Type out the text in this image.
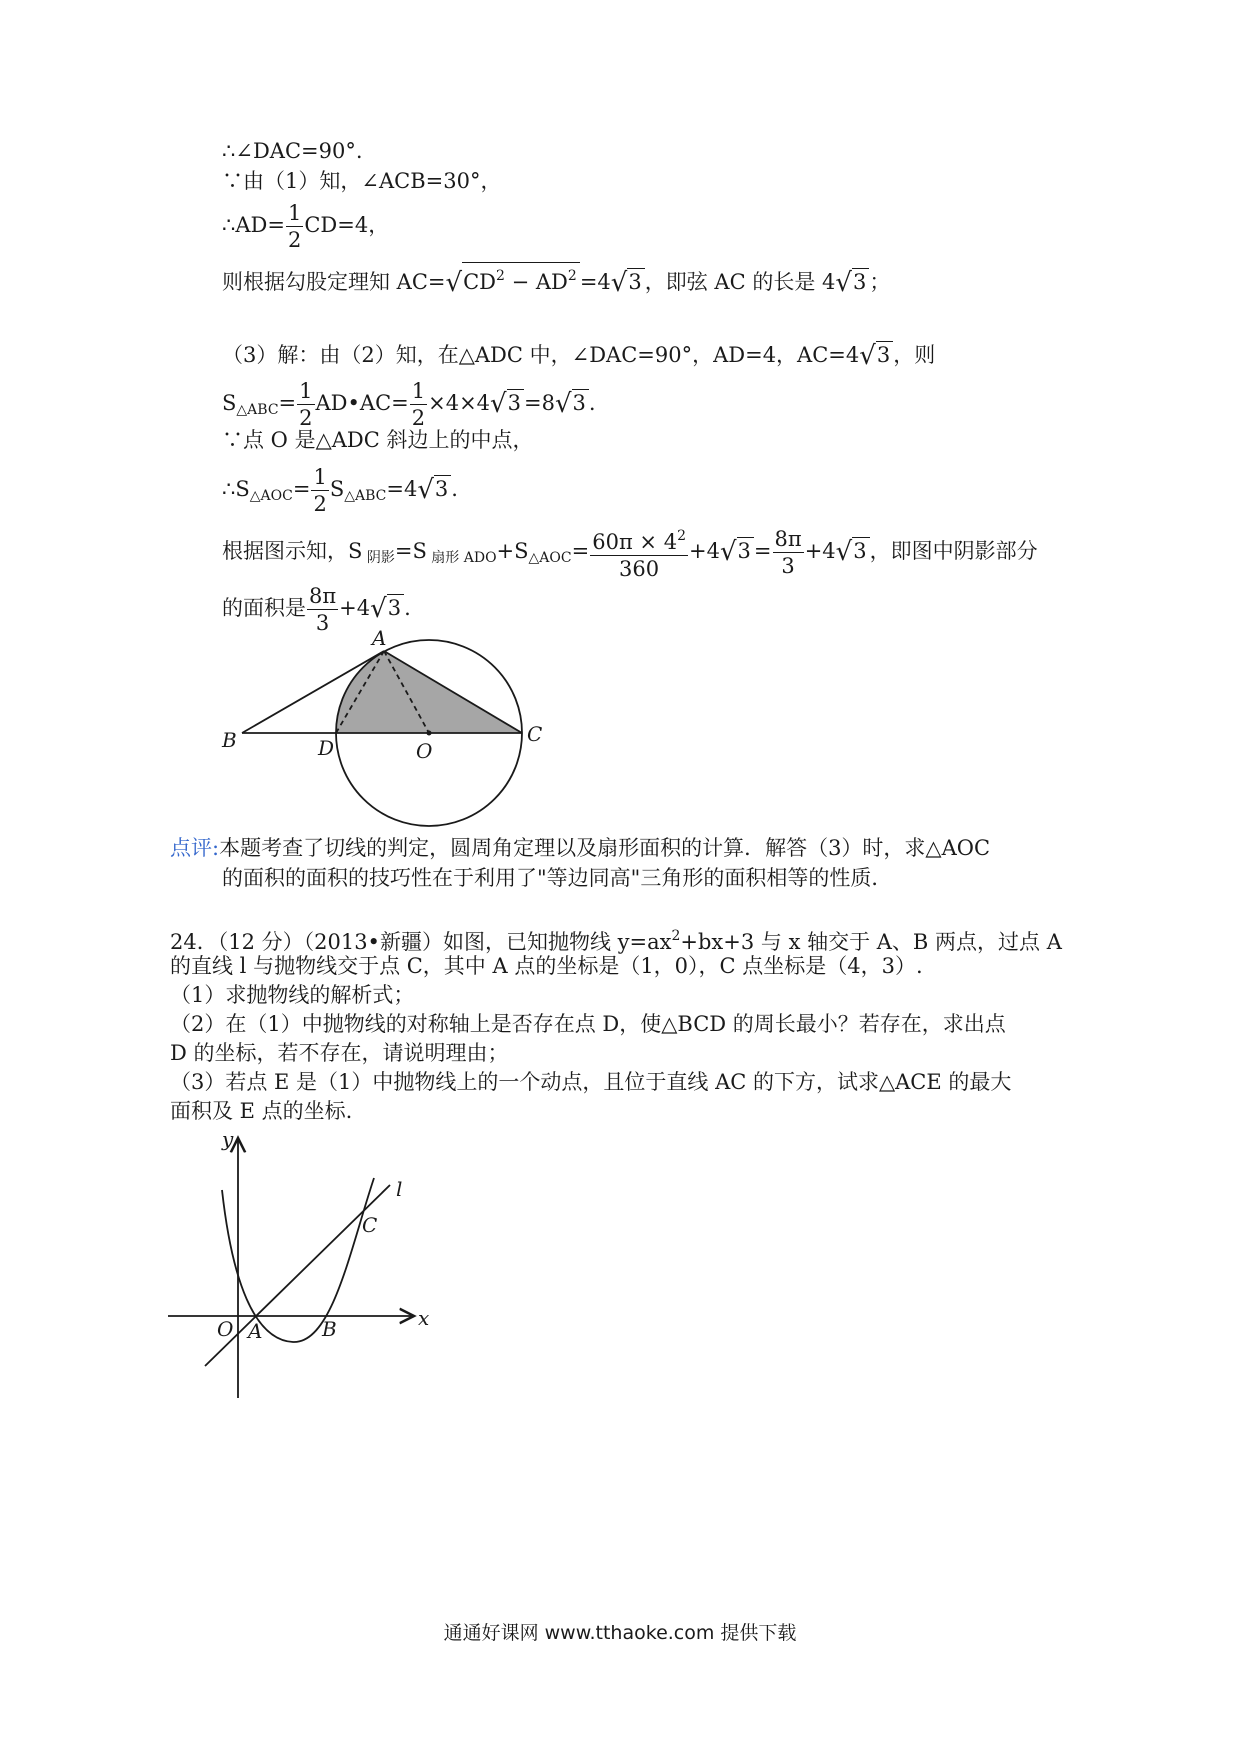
∴∠DAC=90°.
∵由（1）知，∠ACB=30°，
∴AD= $\frac{1}{2} CD=4$，
则根据勾股定理知 $AC=√CD^2 - AD^2 =4√3$ ，即弦 AC 的长是 4√3 ；
（3）解：由（2）知，在△ADC 中，∠DAC=90°，AD=4，AC=4√3 ，则
$S_{\triangle ABC}= \frac{1}{2}$ AD•AC= $\frac{1}{2} \times 4\times 4√3 =8√3$ .
∵点 O 是△ADC 斜边上的中点，
$\therefore S_{\triangle AOC}= \frac{1}{2} S_{\triangle ABC}=4√3$ .
根据图示知，S $_{阴影}$=S $_{扇形 ADO}+S_{\triangle AOC}= \frac{60\pi \times 4^2}{360} +4√3 = \frac{8\pi}{3} +4√3$ ，即图中阴影部分
的面积是 $\frac{8\pi}{3} +4√3$ .
A
B	D	O
C
点评:本题考查了切线的判定，圆周角定理以及扇形面积的计算．解答（3）时，求△AOC
的面积的面积的技巧性在于利用了"等边同高"三角形的面积相等的性质．
24．（12 分）（2013•新疆）如图，已知抛物线 $y=ax^2+bx+3$ 与 x 轴交于 A、B 两点，过点 A
的直线 l 与抛物线交于点 C，其中 A 点的坐标是（1，0），C 点坐标是（4，3）.
（1）求抛物线的解析式；
（2）在（1）中抛物线的对称轴上是否存在点 D，使△BCD 的周长最小？若存在，求出点
D 的坐标，若不存在，请说明理由；
（3）若点 E 是（1）中抛物线上的一个动点，且位于直线 AC 的下方，试求△ACE 的最大
面积及 E 点的坐标.
y
x
l
C
O A	B
通通好课网 www.tthaoke.com 提供下载
